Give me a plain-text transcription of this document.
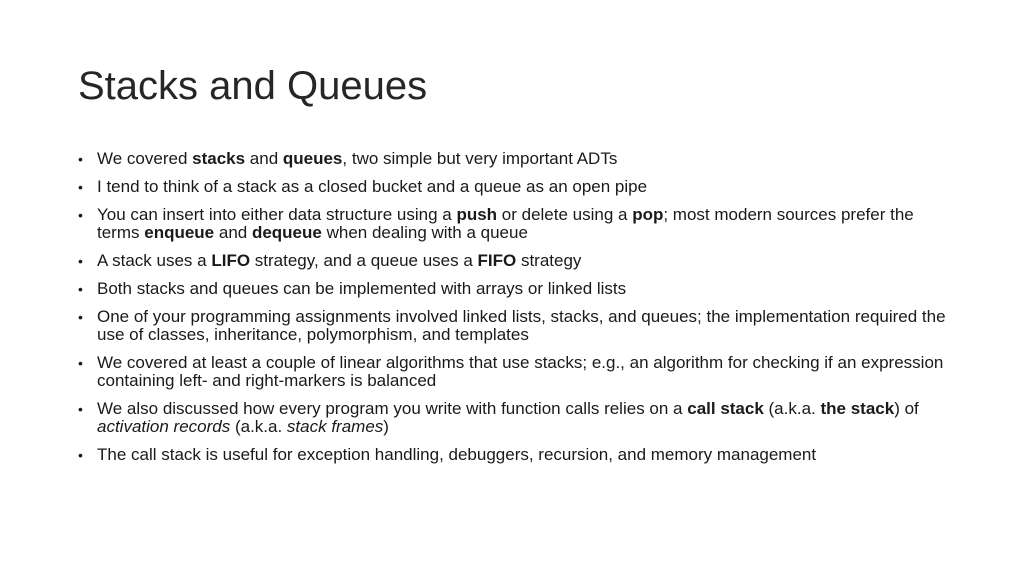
Stacks and Queues
• We covered stacks and queues, two simple but very important ADTs
• I tend to think of a stack as a closed bucket and a queue as an open pipe
• You can insert into either data structure using a push or delete using a pop; most modern sources prefer the terms enqueue and dequeue when dealing with a queue
• A stack uses a LIFO strategy, and a queue uses a FIFO strategy
• Both stacks and queues can be implemented with arrays or linked lists
• One of your programming assignments involved linked lists, stacks, and queues; the implementation required the use of classes, inheritance, polymorphism, and templates
• We covered at least a couple of linear algorithms that use stacks; e.g., an algorithm for checking if an expression containing left- and right-markers is balanced
• We also discussed how every program you write with function calls relies on a call stack (a.k.a. the stack) of activation records (a.k.a. stack frames)
• The call stack is useful for exception handling, debuggers, recursion, and memory management
